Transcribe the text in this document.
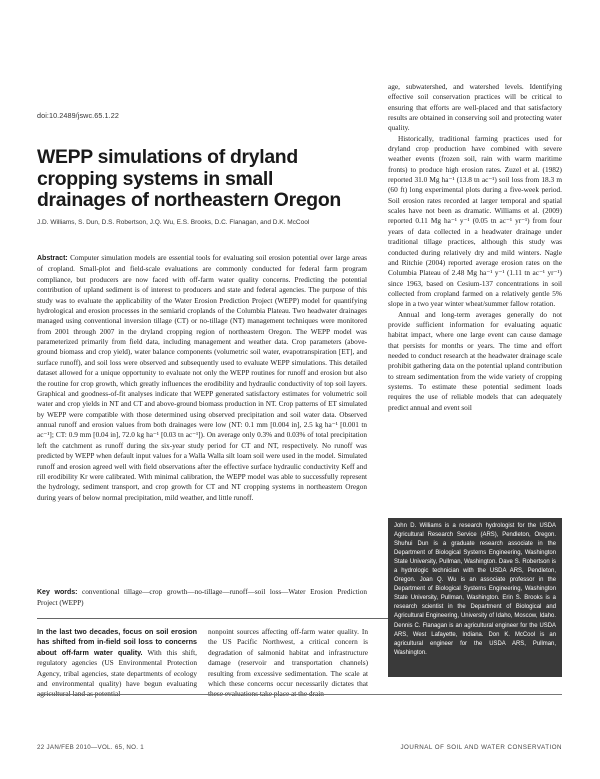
doi:10.2489/jswc.65.1.22
WEPP simulations of dryland cropping systems in small drainages of northeastern Oregon
J.D. Williams, S. Dun, D.S. Robertson, J.Q. Wu, E.S. Brooks, D.C. Flanagan, and D.K. McCool

Abstract: Computer simulation models are essential tools for evaluating soil erosion potential over large areas of cropland. Small-plot and field-scale evaluations are commonly conducted for federal farm program compliance, but producers are now faced with off-farm water quality concerns. Predicting the potential contribution of upland sediment is of interest to producers and state and federal agencies. The purpose of this study was to evaluate the applicability of the Water Erosion Prediction Project (WEPP) model for quantifying hydrological and erosion processes in the semiarid croplands of the Columbia Plateau. Two headwater drainages managed using conventional inversion tillage (CT) or no-tillage (NT) management techniques were monitored from 2001 through 2007 in the dryland cropping region of northeastern Oregon. The WEPP model was parameterized primarily from field data, including management and weather data. Crop parameters (above-ground biomass and crop yield), water balance components (volumetric soil water, evapotranspiration [ET], and surface runoff), and soil loss were observed and subsequently used to evaluate WEPP simulations. This detailed dataset allowed for a unique opportunity to evaluate not only the WEPP routines for runoff and erosion but also the routine for crop growth, which greatly influences the erodibility and hydraulic conductivity of top soil layers. Graphical and goodness-of-fit analyses indicate that WEPP generated satisfactory estimates for volumetric soil water and crop yields in NT and CT and above-ground biomass production in NT. Crop patterns of ET simulated by WEPP were compatible with those determined using observed precipitation and soil water data. Observed annual runoff and erosion values from both drainages were low (NT: 0.1 mm [0.004 in], 2.5 kg ha⁻¹ [0.001 tn ac⁻¹]; CT: 0.9 mm [0.04 in], 72.0 kg ha⁻¹ [0.03 tn ac⁻¹]). On average only 0.3% and 0.03% of total precipitation left the catchment as runoff during the six-year study period for CT and NT, respectively. No runoff was predicted by WEPP when default input values for a Walla Walla silt loam soil were used in the model. Simulated runoff and erosion agreed well with field observations after the effective surface hydraulic conductivity Keff and rill erodibility Kr were calibrated. With minimal calibration, the WEPP model was able to successfully represent the hydrology, sediment transport, and crop growth for CT and NT cropping systems in northeastern Oregon during years of below normal precipitation, mild weather, and little runoff.

Key words: conventional tillage—crop growth—no-tillage—runoff—soil loss—Water Erosion Prediction Project (WEPP)

In the last two decades, focus on soil erosion has shifted from in-field soil loss to concerns about off-farm water quality. With this shift, regulatory agencies (US Environmental Protection Agency, tribal agencies, state departments of ecology and environmental quality) have begun evaluating agricultural land as potential

nonpoint sources affecting off-farm water quality. In the US Pacific Northwest, a critical concern is degradation of salmonid habitat and infrastructure damage (reservoir and transportation channels) resulting from excessive sedimentation. The scale at which these concerns occur necessarily dictates that these evaluations take place at the drain-

age, subwatershed, and watershed levels. Identifying effective soil conservation practices will be critical to ensuring that efforts are well-placed and that satisfactory results are obtained in conserving soil and protecting water quality.

Historically, traditional farming practices used for dryland crop production have combined with severe weather events (frozen soil, rain with warm maritime fronts) to produce high erosion rates. Zuzel et al. (1982) reported 31.0 Mg ha⁻¹ (13.8 tn ac⁻¹) soil loss from 18.3 m (60 ft) long experimental plots during a five-week period. Soil erosion rates recorded at larger temporal and spatial scales have not been as dramatic. Williams et al. (2009) reported 0.11 Mg ha⁻¹ y⁻¹ (0.05 tn ac⁻¹ yr⁻¹) from four years of data collected in a headwater drainage under traditional tillage practices, although this study was conducted during relatively dry and mild winters. Nagle and Ritchie (2004) reported average erosion rates on the Columbia Plateau of 2.48 Mg ha⁻¹ y⁻¹ (1.11 tn ac⁻¹ yr⁻¹) since 1963, based on Cesium-137 concentrations in soil collected from cropland farmed on a relatively gentle 5% slope in a two year winter wheat/summer fallow rotation.

Annual and long-term averages generally do not provide sufficient information for evaluating aquatic habitat impact, where one large event can cause damage that persists for months or years. The time and effort needed to conduct research at the headwater drainage scale prohibit gathering data on the potential upland contribution to stream sedimentation from the wide variety of cropping systems. To estimate these potential sediment loads requires the use of reliable models that can adequately predict annual and event soil

John D. Williams is a research hydrologist for the USDA Agricultural Research Service (ARS), Pendleton, Oregon. Shuhui Dun is a graduate research associate in the Department of Biological Systems Engineering, Washington State University, Pullman, Washington. Dave S. Robertson is a hydrologic technician with the USDA ARS, Pendleton, Oregon. Joan Q. Wu is an associate professor in the Department of Biological Systems Engineering, Washington State University, Pullman, Washington. Erin S. Brooks is a research scientist in the Department of Biological and Agricultural Engineering, University of Idaho, Moscow, Idaho. Dennis C. Flanagan is an agricultural engineer for the USDA ARS, West Lafayette, Indiana. Don K. McCool is an agricultural engineer for the USDA ARS, Pullman, Washington.

22 JAN/FEB 2010—VOL. 65, NO. 1	JOURNAL OF SOIL AND WATER CONSERVATION
